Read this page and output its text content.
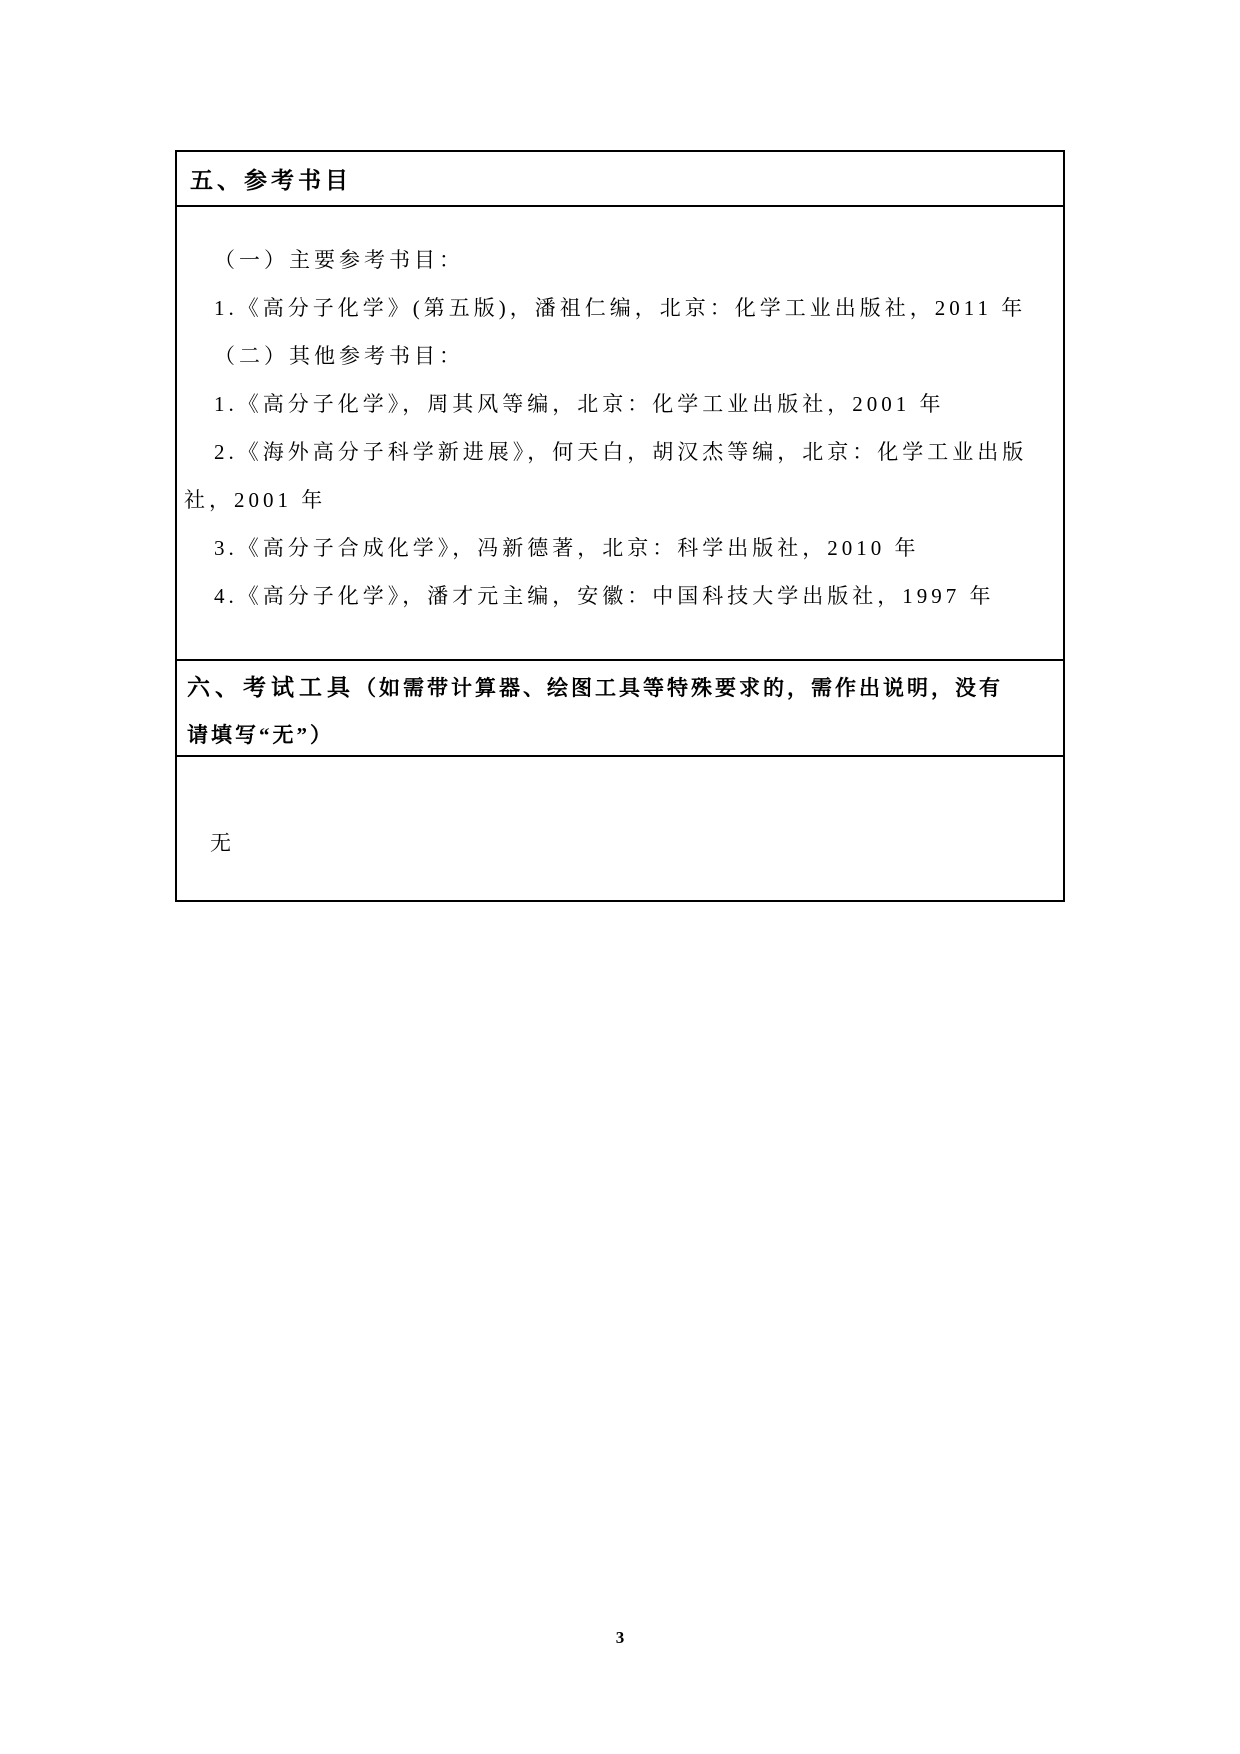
五、参考书目

（一）主要参考书目：

1.《高分子化学》(第五版)，潘祖仁编，北京：化学工业出版社，2011 年

（二）其他参考书目：

1.《高分子化学》，周其风等编，北京：化学工业出版社，2001 年

2.《海外高分子科学新进展》，何天白，胡汉杰等编，北京：化学工业出版

社，2001 年

3.《高分子合成化学》，冯新德著，北京：科学出版社，2010 年

4.《高分子化学》，潘才元主编，安徽：中国科技大学出版社，1997 年

六、考试工具（如需带计算器、绘图工具等特殊要求的，需作出说明，没有
请填写“无”）

无

3
